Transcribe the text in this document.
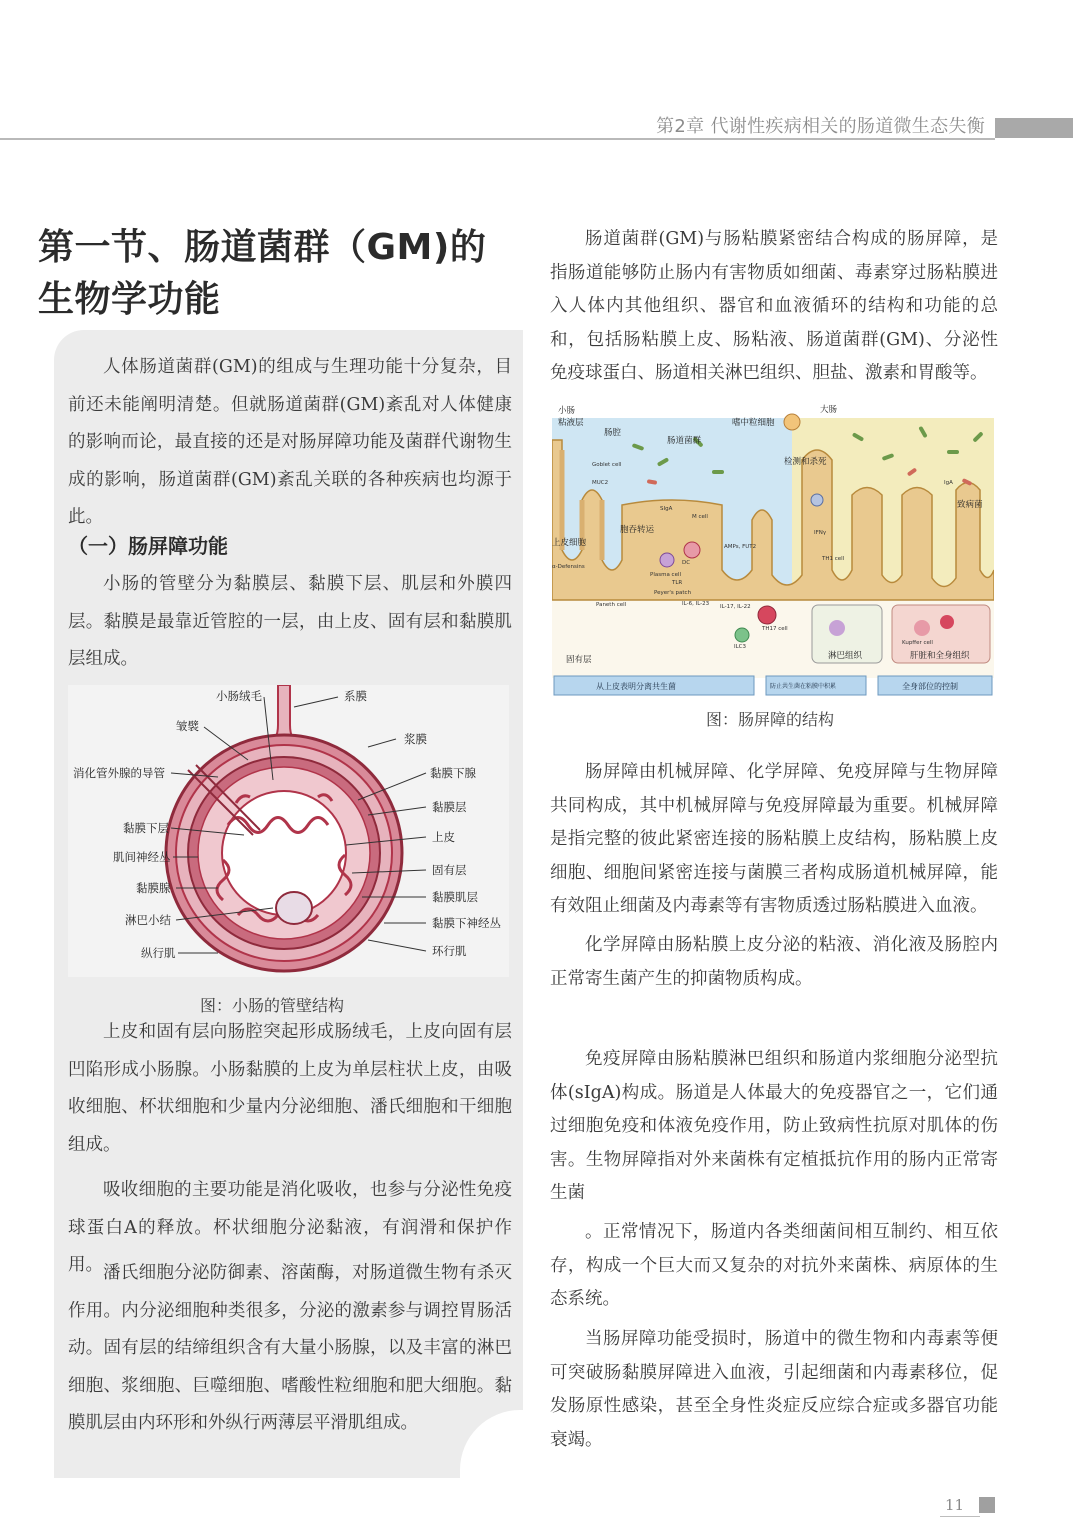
第2章 代谢性疾病相关的肠道微生态失衡
第一节、肠道菌群（GM)的
生物学功能
人体肠道菌群(GM)的组成与生理功能十分复杂，目前还未能阐明清楚。但就肠道菌群(GM)紊乱对人体健康的影响而论，最直接的还是对肠屏障功能及菌群代谢物生成的影响，肠道菌群(GM)紊乱关联的各种疾病也均源于此。
（一）肠屏障功能
小肠的管壁分为黏膜层、黏膜下层、肌层和外膜四层。黏膜是最靠近管腔的一层，由上皮、固有层和黏膜肌层组成。
小肠绒毛	系膜
皱襞
浆膜
消化管外腺的导管	黏膜下腺
黏膜层
黏膜下层
上皮
肌间神经丛
固有层
黏膜腺
黏膜肌层
淋巴小结	黏膜下神经丛
纵行肌	环行肌
图：小肠的管壁结构
上皮和固有层向肠腔突起形成肠绒毛，上皮向固有层凹陷形成小肠腺。小肠黏膜的上皮为单层柱状上皮，由吸收细胞、杯状细胞和少量内分泌细胞、潘氏细胞和干细胞组成。
吸收细胞的主要功能是消化吸收，也参与分泌性免疫球蛋白A的释放。杯状细胞分泌黏液，有润滑和保护作用。 潘氏细胞分泌防御素、溶菌酶，对肠道微生物有杀灭作用。内分泌细胞种类很多，分泌的激素参与调控胃肠活动。固有层的结缔组织含有大量小肠腺，以及丰富的淋巴细胞、浆细胞、巨噬细胞、嗜酸性粒细胞和肥大细胞。黏膜肌层由内环形和外纵行两薄层平滑肌组成。
肠道菌群(GM)与肠粘膜紧密结合构成的肠屏障，是指肠道能够防止肠内有害物质如细菌、毒素穿过肠粘膜进入人体内其他组织、器官和血液循环的结构和功能的总和，包括肠粘膜上皮、肠粘液、肠道菌群(GM)、分泌性免疫球蛋白、肠道相关淋巴组织、胆盐、激素和胃酸等。
小肠
粘液层
肠腔
肠道菌群
嗜中粒细胞
大肠
检测和杀死
致病菌
胞吞转运
上皮细胞
固有层	淋巴组织	肝脏和全身组织
Goblet cell
MUC2
α-Defensins
Paneth cell
Plasma cell
Peyer's patch
TLR
SIgA
M cell
DC
AMPs, FUT2
IL-6, IL-23 IL-17, IL-22
TH17 cell
ILC3
IFNγ
TH1 cell
IgA
Kupffer cell
从上皮表明分离共生菌	防止共生菌在粘膜中积累	全身部位的控制
图：肠屏障的结构
肠屏障由机械屏障、化学屏障、免疫屏障与生物屏障共同构成，其中机械屏障与免疫屏障最为重要。机械屏障是指完整的彼此紧密连接的肠粘膜上皮结构，肠粘膜上皮细胞、细胞间紧密连接与菌膜三者构成肠道机械屏障，能有效阻止细菌及内毒素等有害物质透过肠粘膜进入血液。
化学屏障由肠粘膜上皮分泌的粘液、消化液及肠腔内正常寄生菌产生的抑菌物质构成。
免疫屏障由肠粘膜淋巴组织和肠道内浆细胞分泌型抗体(sIgA)构成。肠道是人体最大的免疫器官之一，它们通过细胞免疫和体液免疫作用，防止致病性抗原对肌体的伤害。生物屏障指对外来菌株有定植抵抗作用的肠内正常寄生菌
。正常情况下，肠道内各类细菌间相互制约、相互依存，构成一个巨大而又复杂的对抗外来菌株、病原体的生态系统。
当肠屏障功能受损时，肠道中的微生物和内毒素等便可突破肠黏膜屏障进入血液，引起细菌和内毒素移位，促发肠原性感染，甚至全身性炎症反应综合症或多器官功能衰竭。
11
